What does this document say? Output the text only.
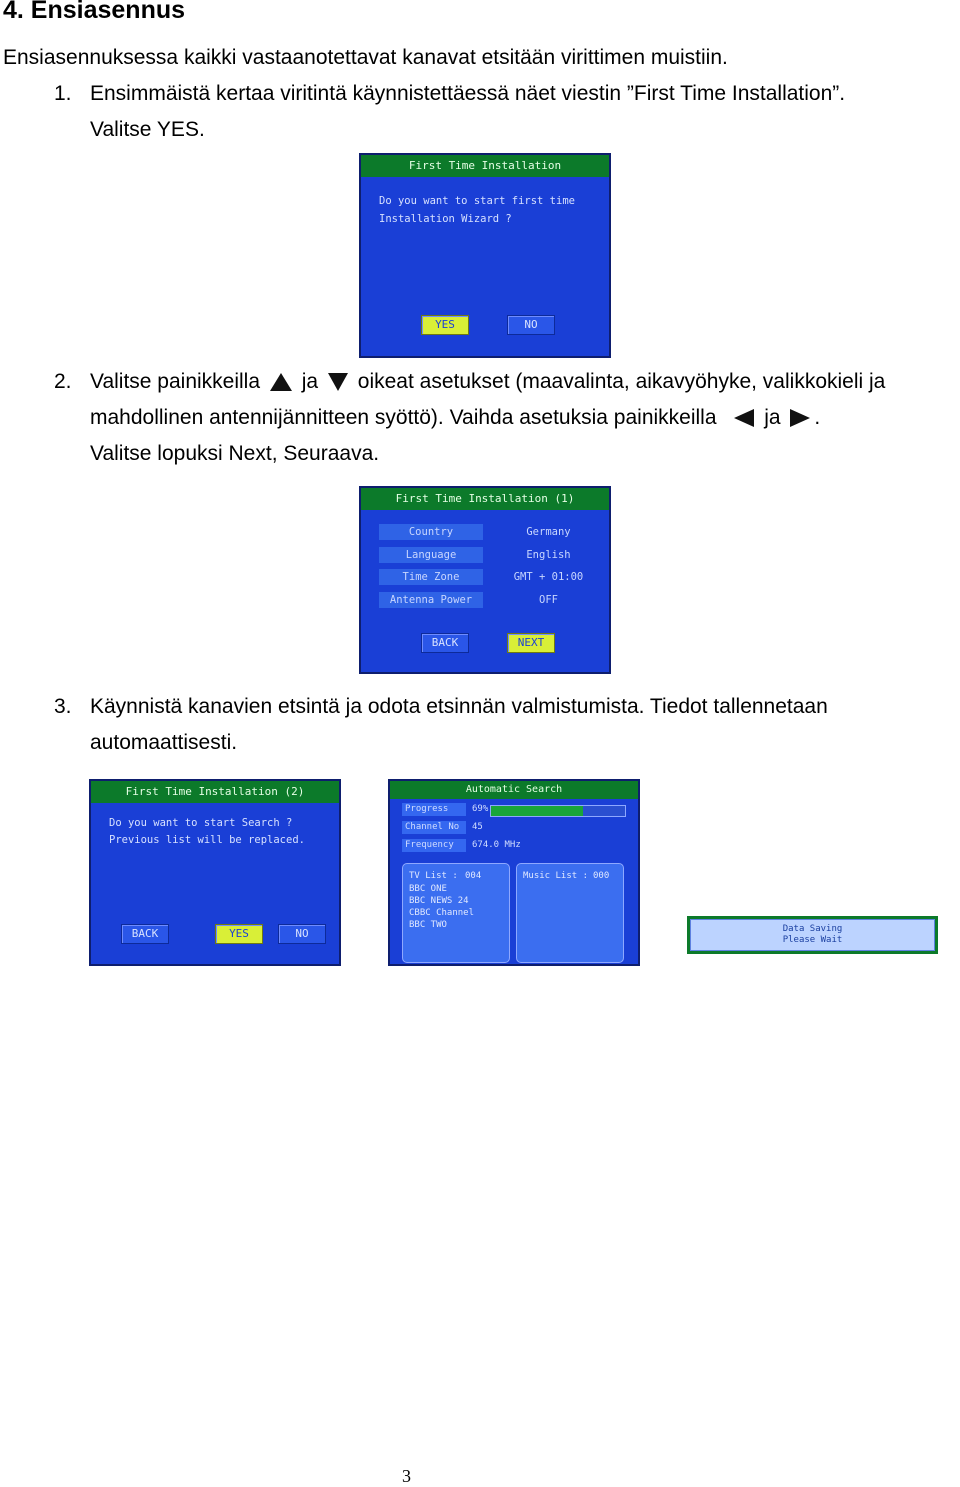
4. Ensiasennus
Ensiasennuksessa kaikki vastaanotettavat kanavat etsitään virittimen muistiin.
1. Ensimmäistä kertaa viritintä käynnistettäessä näet viestin ”First Time Installation”.
Valitse YES.
First Time Installation
Do you want to start first time
Installation Wizard ?
YES	NO
2. Valitse painikkeilla ja oikeat asetukset (maavalinta, aikavyöhyke, valikkokieli ja
mahdollinen antennijännitteen syöttö). Vaihda asetuksia painikkeilla ja .
Valitse lopuksi Next, Seuraava.
First Time Installation (1)
Country	Germany
Language	English
Time Zone	GMT + 01:00
Antenna Power	OFF
BACK	NEXT
3. Käynnistä kanavien etsintä ja odota etsinnän valmistumista. Tiedot tallennetaan
automaattisesti.
First Time Installation (2)
Do you want to start Search ?
Previous list will be replaced.
BACK	YES	NO
Automatic Search
Progress	69%
Channel No	45
Frequency	674.0 MHz
TV List : 004
BBC ONE
BBC NEWS 24
CBBC Channel
BBC TWO
Music List : 000
Data Saving
Please Wait
3
